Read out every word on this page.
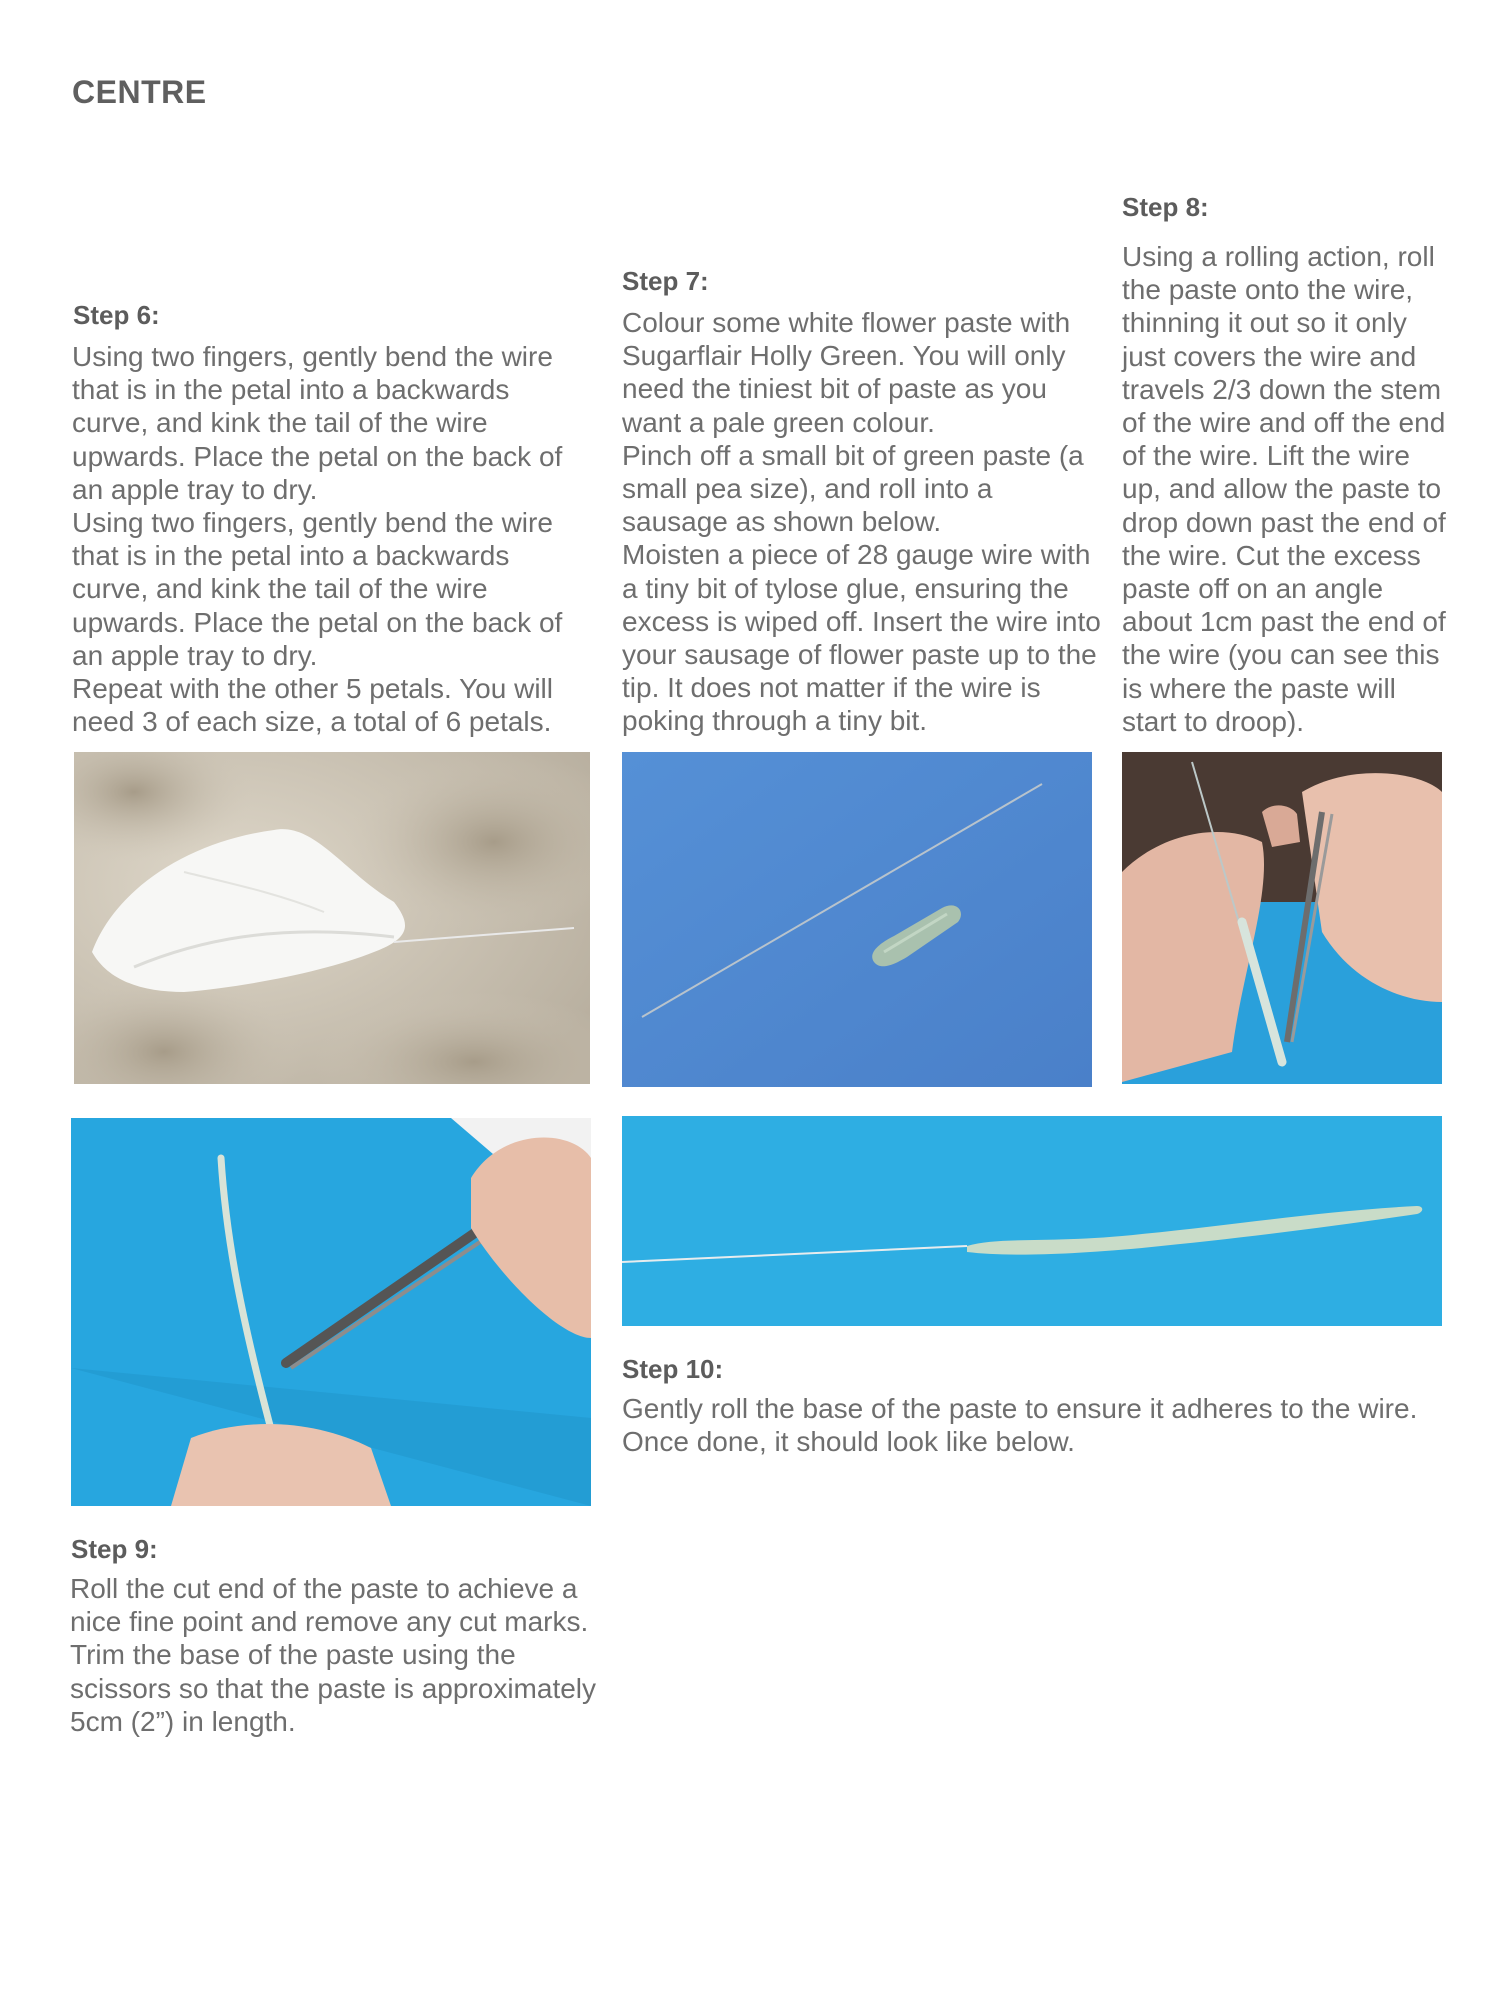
CENTRE
Step 6:

Using two fingers, gently bend the wire that is in the petal into a backwards curve, and kink the tail of the wire upwards. Place the petal on the back of an apple tray to dry.

Using two fingers, gently bend the wire that is in the petal into a backwards curve, and kink the tail of the wire upwards. Place the petal on the back of an apple tray to dry.

Repeat with the other 5 petals. You will need 3 of each size, a total of 6 petals.

Step 7:

Colour some white flower paste with Sugarflair Holly Green. You will only need the tiniest bit of paste as you want a pale green colour.

Pinch off a small bit of green paste (a small pea size), and roll into a sausage as shown below.

Moisten a piece of 28 gauge wire with a tiny bit of tylose glue, ensuring the excess is wiped off. Insert the wire into your sausage of flower paste up to the tip. It does not matter if the wire is poking through a tiny bit.

Step 8:

Using a rolling action, roll the paste onto the wire, thinning it out so it only just covers the wire and travels 2/3 down the stem of the wire and off the end of the wire. Lift the wire up, and allow the paste to drop down past the end of the wire. Cut the excess paste off on an angle about 1cm past the end of the wire (you can see this is where the paste will start to droop).

Step 10:

Gently roll the base of the paste to ensure it adheres to the wire. Once done, it should look like below.

Step 9:

Roll the cut end of the paste to achieve a nice fine point and remove any cut marks. Trim the base of the paste using the scissors so that the paste is approximately 5cm (2”) in length.
